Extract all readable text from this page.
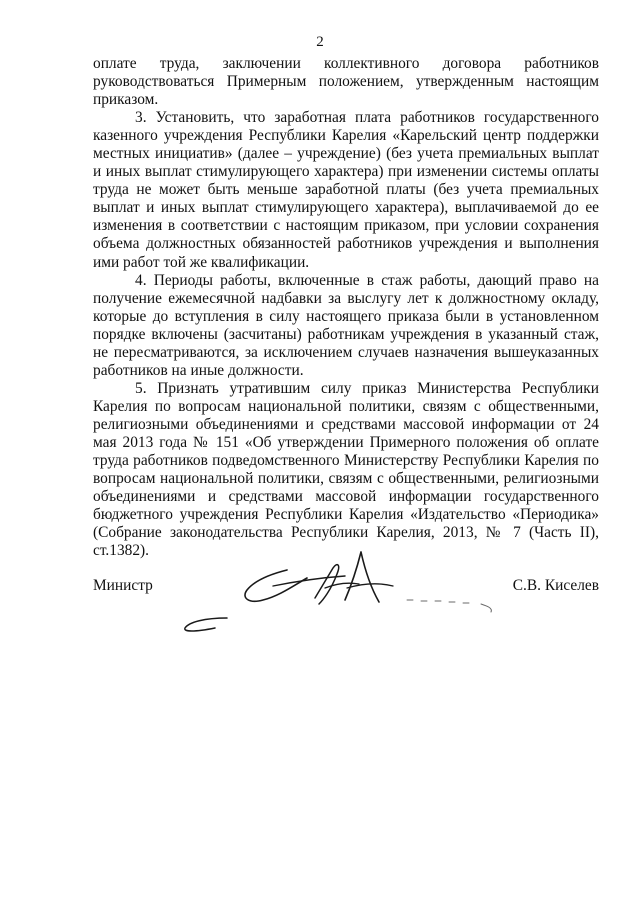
2

оплате труда, заключении коллективного договора работников руководствоваться Примерным положением, утвержденным настоящим приказом.

3. Установить, что заработная плата работников государственного казенного учреждения Республики Карелия «Карельский центр поддержки местных инициатив» (далее – учреждение) (без учета премиальных выплат и иных выплат стимулирующего характера) при изменении системы оплаты труда не может быть меньше заработной платы (без учета премиальных выплат и иных выплат стимулирующего характера), выплачиваемой до ее изменения в соответствии с настоящим приказом, при условии сохранения объема должностных обязанностей работников учреждения и выполнения ими работ той же квалификации.

4. Периоды работы, включенные в стаж работы, дающий право на получение ежемесячной надбавки за выслугу лет к должностному окладу, которые до вступления в силу настоящего приказа были в установленном порядке включены (засчитаны) работникам учреждения в указанный стаж, не пересматриваются, за исключением случаев назначения вышеуказанных работников на иные должности.

5. Признать утратившим силу приказ Министерства Республики Карелия по вопросам национальной политики, связям с общественными, религиозными объединениями и средствами массовой информации от 24 мая 2013 года № 151 «Об утверждении Примерного положения об оплате труда работников подведомственного Министерству Республики Карелия по вопросам национальной политики, связям с общественными, религиозными объединениями и средствами массовой информации государственного бюджетного учреждения Республики Карелия «Издательство «Периодика» (Собрание законодательства Республики Карелия, 2013, № 7 (Часть II), ст.1382).

Министр	С.В. Киселев
